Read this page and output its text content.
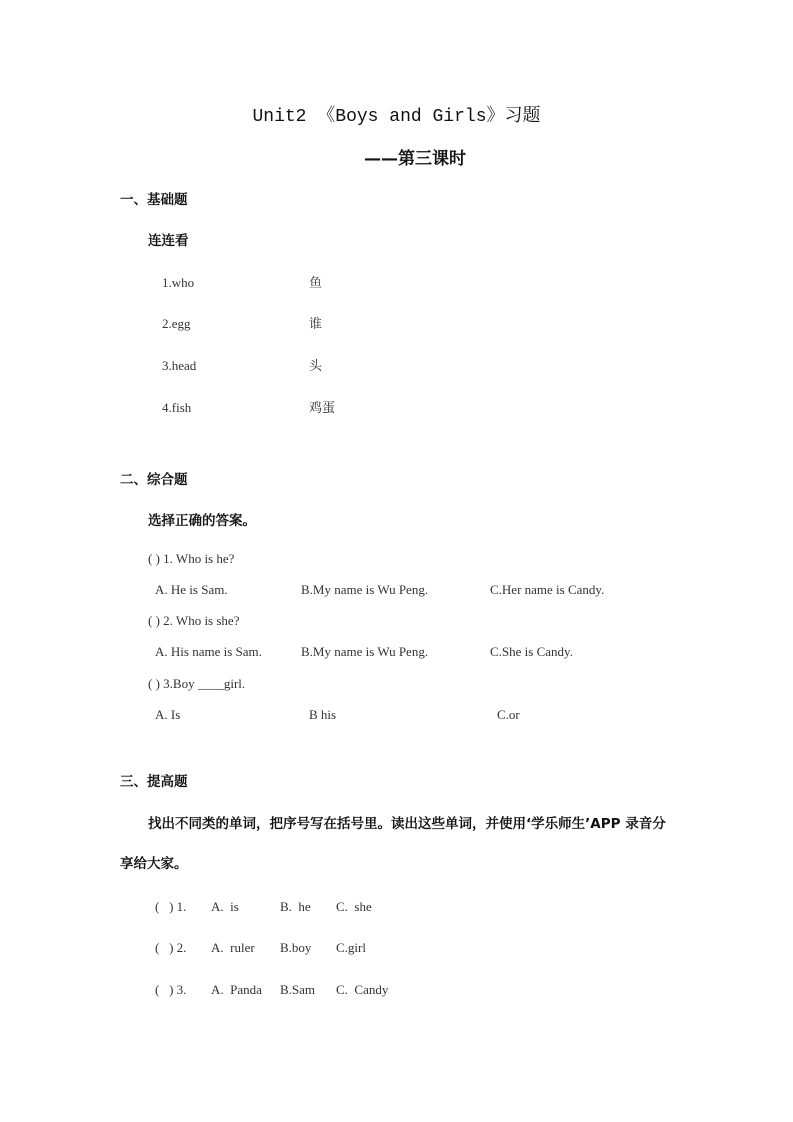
Unit2 《Boys and Girls》习题
——第三课时
一、基础题
连连看
1.who	鱼
2.egg	谁
3.head	头
4.fish	鸡蛋
二、综合题
选择正确的答案。
( ) 1. Who is he?
A. He is Sam.	B.My name is Wu Peng.	C.Her name is Candy.
( ) 2. Who is she?
A. His name is Sam.	B.My name is Wu Peng.	C.She is Candy.
( ) 3.Boy ____girl.
A. Is	B his	C.or
三、提高题
找出不同类的单词，把序号写在括号里。读出这些单词，并使用‘学乐师生’APP 录音分
享给大家。
(   ) 1. A.  is	B.  he C.  she
(   ) 2. A.  ruler B.boy C.girl
(   ) 3. A.  Panda B.Sam C.  Candy
